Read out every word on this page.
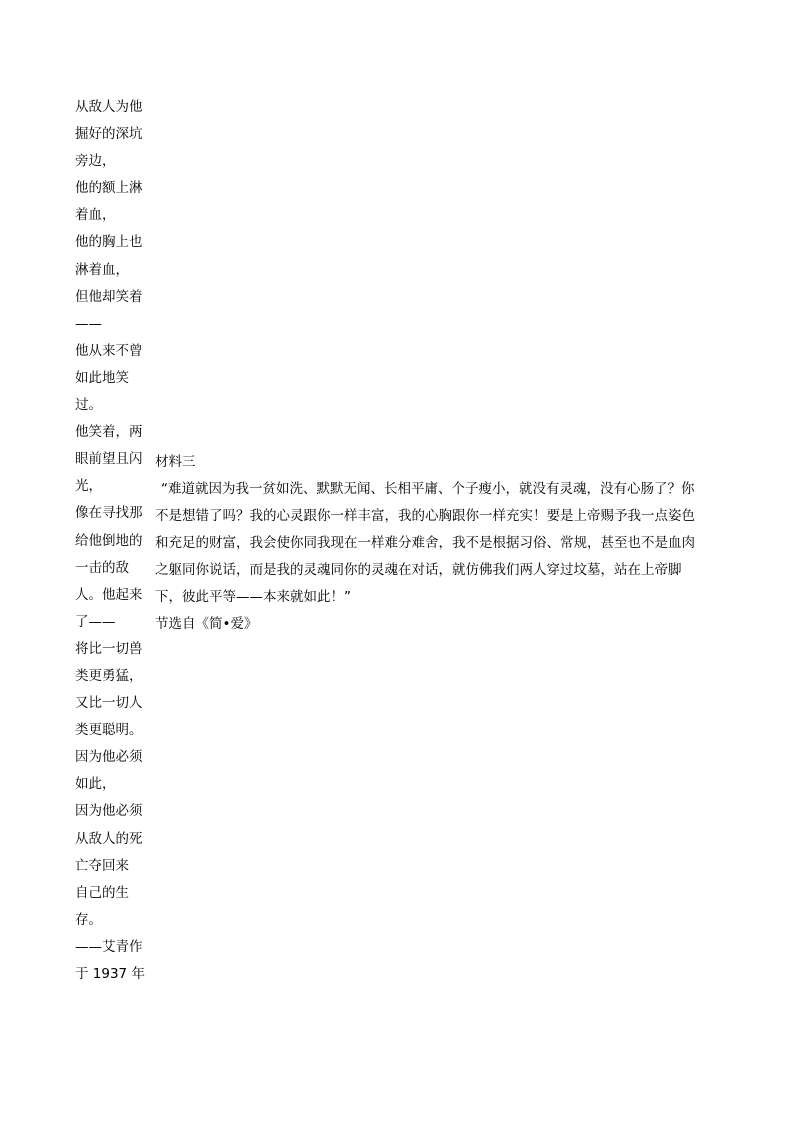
从敌人为他
掘好的深坑
旁边，
他的额上淋
着血，
他的胸上也
淋着血，
但他却笑着
——
他从来不曾
如此地笑
过。
他笑着，两
眼前望且闪
光，
像在寻找那
给他倒地的
一击的敌
人。他起来
了——
将比一切兽
类更勇猛，
又比一切人
类更聪明。
因为他必须
如此，
因为他必须
从敌人的死
亡夺回来
自己的生
存。
——艾青作
于 1937 年
材料三
“难道就因为我一贫如洗、默默无闻、长相平庸、个子瘦小，就没有灵魂，没有心肠了？你不是想错了吗？我的心灵跟你一样丰富，我的心胸跟你一样充实！要是上帝赐予我一点姿色和充足的财富，我会使你同我现在一样难分难舍，我不是根据习俗、常规，甚至也不是血肉之躯同你说话，而是我的灵魂同你的灵魂在对话，就仿佛我们两人穿过坟墓，站在上帝脚下，彼此平等——本来就如此！”
节选自《简•爱》
